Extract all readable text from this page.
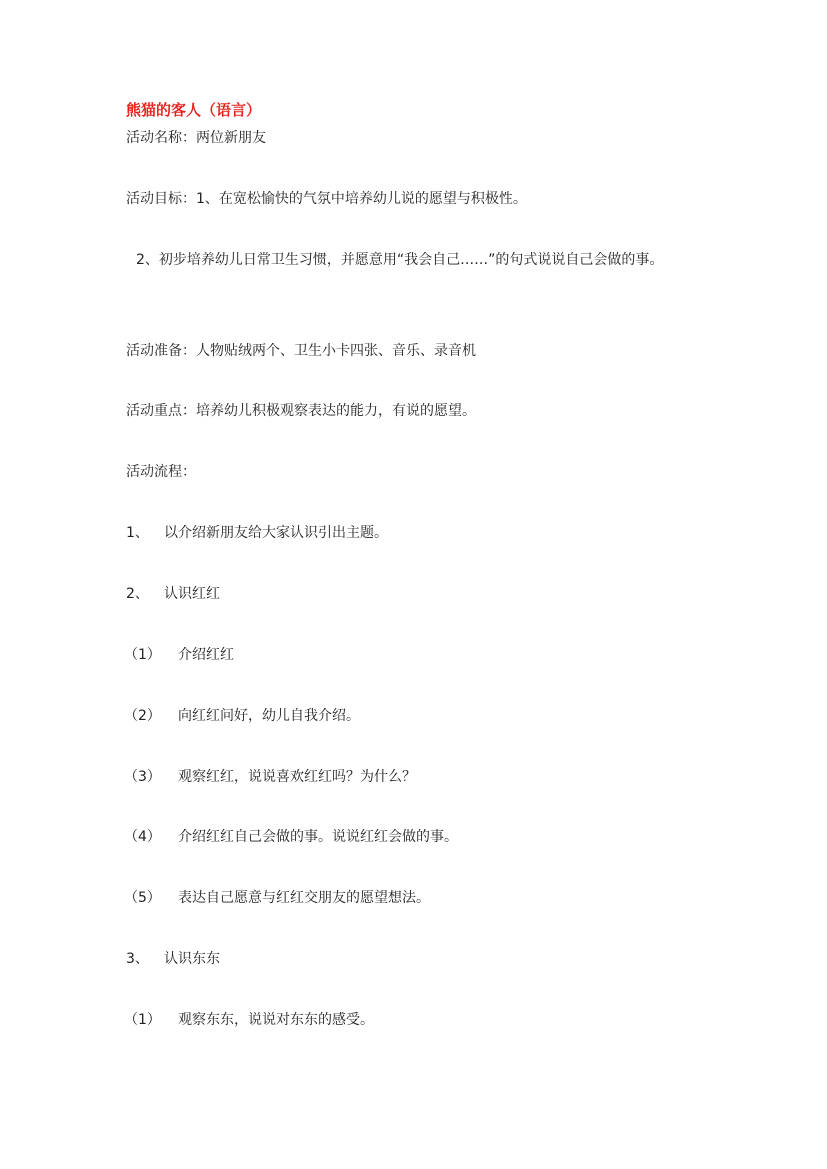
熊猫的客人（语言）
活动名称：两位新朋友
活动目标：1、在宽松愉快的气氛中培养幼儿说的愿望与积极性。
2、初步培养幼儿日常卫生习惯，并愿意用“我会自己……”的句式说说自己会做的事。
活动准备：人物贴绒两个、卫生小卡四张、音乐、录音机
活动重点：培养幼儿积极观察表达的能力，有说的愿望。
活动流程：
1、 以介绍新朋友给大家认识引出主题。
2、 认识红红
（1） 介绍红红
（2） 向红红问好，幼儿自我介绍。
（3） 观察红红，说说喜欢红红吗？为什么？
（4） 介绍红红自己会做的事。说说红红会做的事。
（5） 表达自己愿意与红红交朋友的愿望想法。
3、 认识东东
（1） 观察东东，说说对东东的感受。
